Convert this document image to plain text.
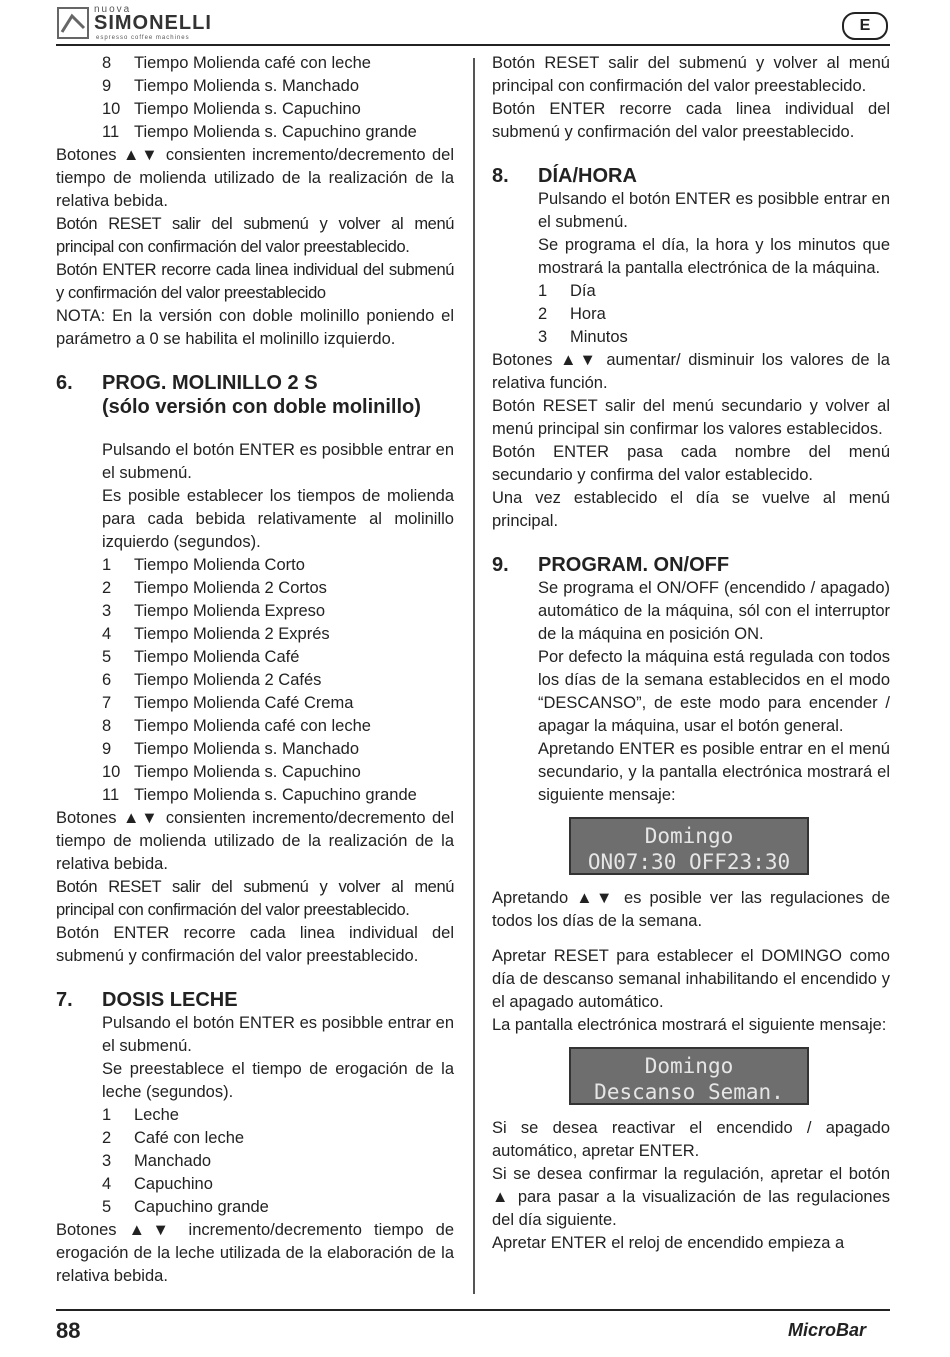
nuova
SIMONELLI
espresso coffee machines
E
8	Tiempo Molienda café con leche
9	Tiempo Molienda s. Manchado
10 Tiempo Molienda s. Capuchino
11 Tiempo Molienda s. Capuchino grande

Botones ▲▼ consienten incremento/decremento del tiempo de molienda utilizado de la realización de la relativa bebida.

Botón RESET salir del submenú y volver al menú principal con confirmación del valor preestablecido.

Botón ENTER recorre cada linea individual del submenú y confirmación del valor preestablecido

NOTA: En la versión con doble molinillo poniendo el parámetro a 0 se habilita el molinillo izquierdo.

6.	PROG. MOLINILLO 2 S
(sólo versión con doble molinillo)

Pulsando el botón ENTER es posibble entrar en el submenú.

Es posible establecer los tiempos de molienda para cada bebida relativamente al molinillo izquierdo (segundos).

1	Tiempo Molienda Corto
2	Tiempo Molienda 2 Cortos
3	Tiempo Molienda Expreso
4	Tiempo Molienda 2 Exprés
5	Tiempo Molienda Café
6	Tiempo Molienda 2 Cafés
7	Tiempo Molienda Café Crema
8	Tiempo Molienda café con leche
9	Tiempo Molienda s. Manchado
10 Tiempo Molienda s. Capuchino
11 Tiempo Molienda s. Capuchino grande

Botones ▲▼ consienten incremento/decremento del tiempo de molienda utilizado de la realización de la relativa bebida.

Botón RESET salir del submenú y volver al menú principal con confirmación del valor preestablecido.

Botón ENTER recorre cada linea individual del submenú y confirmación del valor preestablecido.

7.	DOSIS LECHE

Pulsando el botón ENTER es posibble entrar en el submenú.

Se preestablece el tiempo de erogación de la leche (segundos).

1	Leche
2	Café con leche
3	Manchado
4	Capuchino
5	Capuchino grande

Botones ▲▼ incremento/decremento tiempo de erogación de la leche utilizada de la elaboración de la relativa bebida.

Botón RESET salir del submenú y volver al menú principal con confirmación del valor preestablecido.

Botón ENTER recorre cada linea individual del submenú y confirmación del valor preestablecido.

8.	DÍA/HORA

Pulsando el botón ENTER es posibble entrar en el submenú.

Se programa el día, la hora y los minutos que mostrará la pantalla electrónica de la máquina.

1	Día
2	Hora
3	Minutos

Botones ▲▼ aumentar/ disminuir los valores de la relativa función.

Botón RESET salir del menú secundario y volver al menú principal sin confirmar los valores establecidos.

Botón ENTER pasa cada nombre del menú secundario y confirma del valor establecido.

Una vez establecido el día se vuelve al menú principal.

9.	PROGRAM. ON/OFF

Se programa el ON/OFF (encendido / apagado) automático de la máquina, sól con el interruptor de la máquina en posición ON.

Por defecto la máquina está regulada con todos los días de la semana establecidos en el modo “DESCANSO”, de este modo para encender / apagar la máquina, usar el botón general.

Apretando ENTER es posible entrar en el menú secundario, y la pantalla electrónica mostrará el siguiente mensaje:

Domingo
ON07:30 OFF23:30

Apretando ▲▼ es posible ver las regulaciones de todos los días de la semana.

Apretar RESET para establecer el DOMINGO como día de descanso semanal inhabilitando el encendido y el apagado automático.

La pantalla electrónica mostrará el siguiente mensaje:

Domingo
Descanso Seman.

Si se desea reactivar el encendido / apagado automático, apretar ENTER.

Si se desea confirmar la regulación, apretar el botón ▲ para pasar a la visualización de las regulaciones del día siguiente.

Apretar ENTER el reloj de encendido empieza a

88	MicroBar
